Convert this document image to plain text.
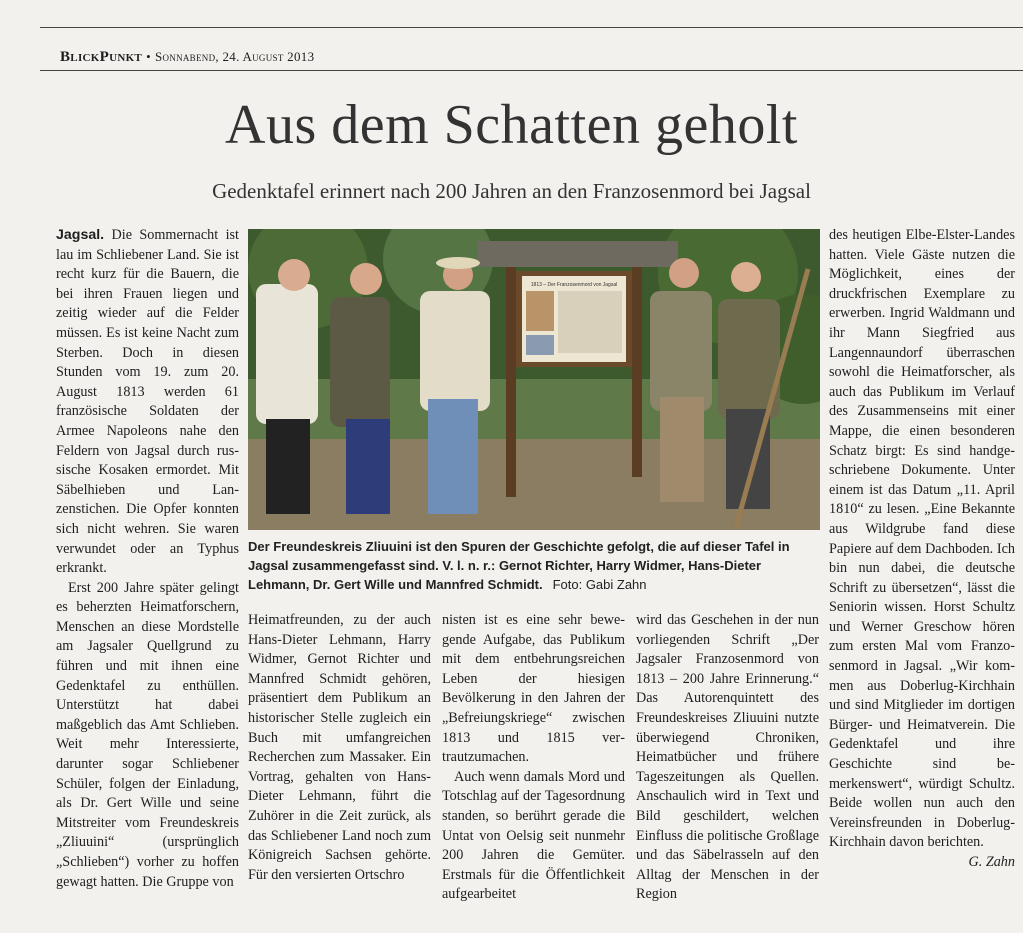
BlickPunkt • Sonnabend, 24. August 2013
Aus dem Schatten geholt
Gedenktafel erinnert nach 200 Jahren an den Franzosenmord bei Jagsal

Jagsal. Die Sommernacht ist lau im Schliebener Land. Sie ist recht kurz für die Bauern, die bei ihren Frauen liegen und zeitig wieder auf die Felder müssen. Es ist keine Nacht zum Sterben. Doch in diesen Stunden vom 19. zum 20. August 1813 werden 61 französische Soldaten der Armee Napoleons nahe den Feldern von Jagsal durch russische Kosaken ermordet. Mit Säbelhieben und Lanzenstichen. Die Opfer konnten sich nicht wehren. Sie waren verwundet oder an Typhus erkrankt.

Erst 200 Jahre später gelingt es beherzten Heimatforschern, Menschen an diese Mordstelle am Jagsaler Quellgrund zu führen und mit ihnen eine Gedenktafel zu enthüllen. Unterstützt hat dabei maßgeblich das Amt Schlieben. Weit mehr Interessierte, darunter sogar Schliebener Schüler, folgen der Einladung, als Dr. Gert Wille und seine Mitstreiter vom Freundeskreis „Zliuuini“ (ursprünglich „Schlieben“) vorher zu hoffen gewagt hatten. Die Gruppe von

1813 – Der Franzosenmord von Jagsal
Der Freundeskreis Zliuuini ist den Spuren der Geschichte gefolgt, die auf dieser Tafel in Jagsal zusammengefasst sind. V. l. n. r.: Gernot Richter, Harry Widmer, Hans-Dieter Lehmann, Dr. Gert Wille und Mannfred Schmidt. Foto: Gabi Zahn

Heimatfreunden, zu der auch Hans-Dieter Lehmann, Harry Widmer, Gernot Richter und Mannfred Schmidt gehören, präsentiert dem Publikum an historischer Stelle zugleich ein Buch mit umfangreichen Recherchen zum Massaker. Ein Vortrag, gehalten von Hans-Dieter Lehmann, führt die Zuhörer in die Zeit zurück, als das Schliebener Land noch zum Königreich Sachsen gehörte. Für den versierten Ortschro

nisten ist es eine sehr bewegende Aufgabe, das Publikum mit dem entbehrungsreichen Leben der hiesigen Bevölkerung in den Jahren der „Befreiungskriege“ zwischen 1813 und 1815 vertrautzumachen.

Auch wenn damals Mord und Totschlag auf der Tagesordnung standen, so berührt gerade die Untat von Oelsig seit nunmehr 200 Jahren die Gemüter. Erstmals für die Öffentlichkeit aufgearbeitet

wird das Geschehen in der nun vorliegenden Schrift „Der Jagsaler Franzosenmord von 1813 – 200 Jahre Erinnerung.“ Das Autorenquintett des Freundeskreises Zliuuini nutzte überwiegend Chroniken, Heimatbücher und frühere Tageszeitungen als Quellen. Anschaulich wird in Text und Bild geschildert, welchen Einfluss die politische Großlage und das Säbelrasseln auf den Alltag der Menschen in der Region

des heutigen Elbe-Elster-Landes hatten. Viele Gäste nutzen die Möglichkeit, eines der druckfrischen Exemplare zu erwerben. Ingrid Waldmann und ihr Mann Siegfried aus Langennaundorf überraschen sowohl die Heimatforscher, als auch das Publikum im Verlauf des Zusammenseins mit einer Mappe, die einen besonderen Schatz birgt: Es sind handgeschriebene Dokumente. Unter einem ist das Datum „11. April 1810“ zu lesen. „Eine Bekannte aus Wildgrube fand diese Papiere auf dem Dachboden. Ich bin nun dabei, die deutsche Schrift zu übersetzen“, lässt die Seniorin wissen. Horst Schultz und Werner Greschow hören zum ersten Mal vom Franzosenmord in Jagsal. „Wir kommen aus Doberlug-Kirchhain und sind Mitglieder im dortigen Bürger- und Heimatverein. Die Gedenktafel und ihre Geschichte sind bemerkenswert“, würdigt Schultz. Beide wollen nun auch den Vereinsfreunden in Doberlug-Kirchhain davon berichten.

G. Zahn
